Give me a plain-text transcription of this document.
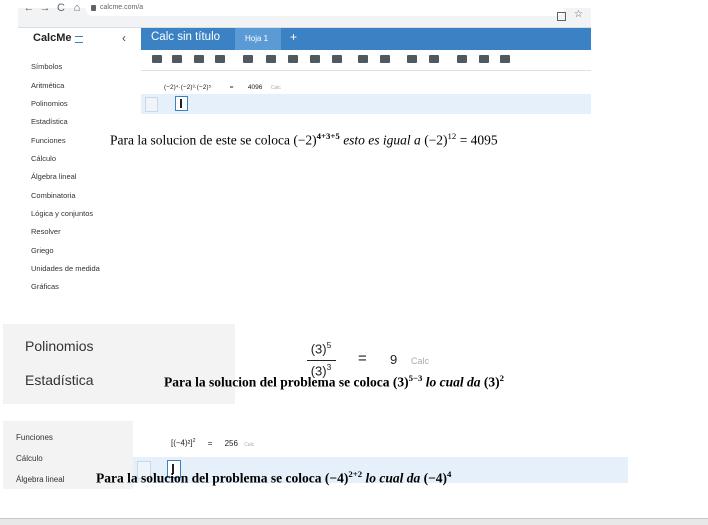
← → C ⌂	calcme.com/a
☆
CalcMe	‹ Calc sin título	Hoja 1 +
Símbolos
Aritmética
Polinomios
Estadística
Funciones
Cálculo
Álgebra lineal
Combinatoria
Lógica y conjuntos
Resolver
Griego
Unidades de medida
Gráficas
(−2)⁴·(−2)³·(−2)⁵	= 4096 Calc
Para la solucion de este se coloca $(-2)^{4+3+5}$ esto es igual a $(-2)^{12} = 4095$
Polinomios
Estadística
$(3)^5$
$(3)^3$	= 9 Calc
Para la solucion del problema se coloca $(3)^{5-3}$ lo cual da $(3)^2$
Funciones
Cálculo
Álgebra lineal
$[(-4)^2]^2 = 256$ Calc
Para la solucion del problema se coloca $(-4)^{2+2}$ lo cual da $(-4)^4$
